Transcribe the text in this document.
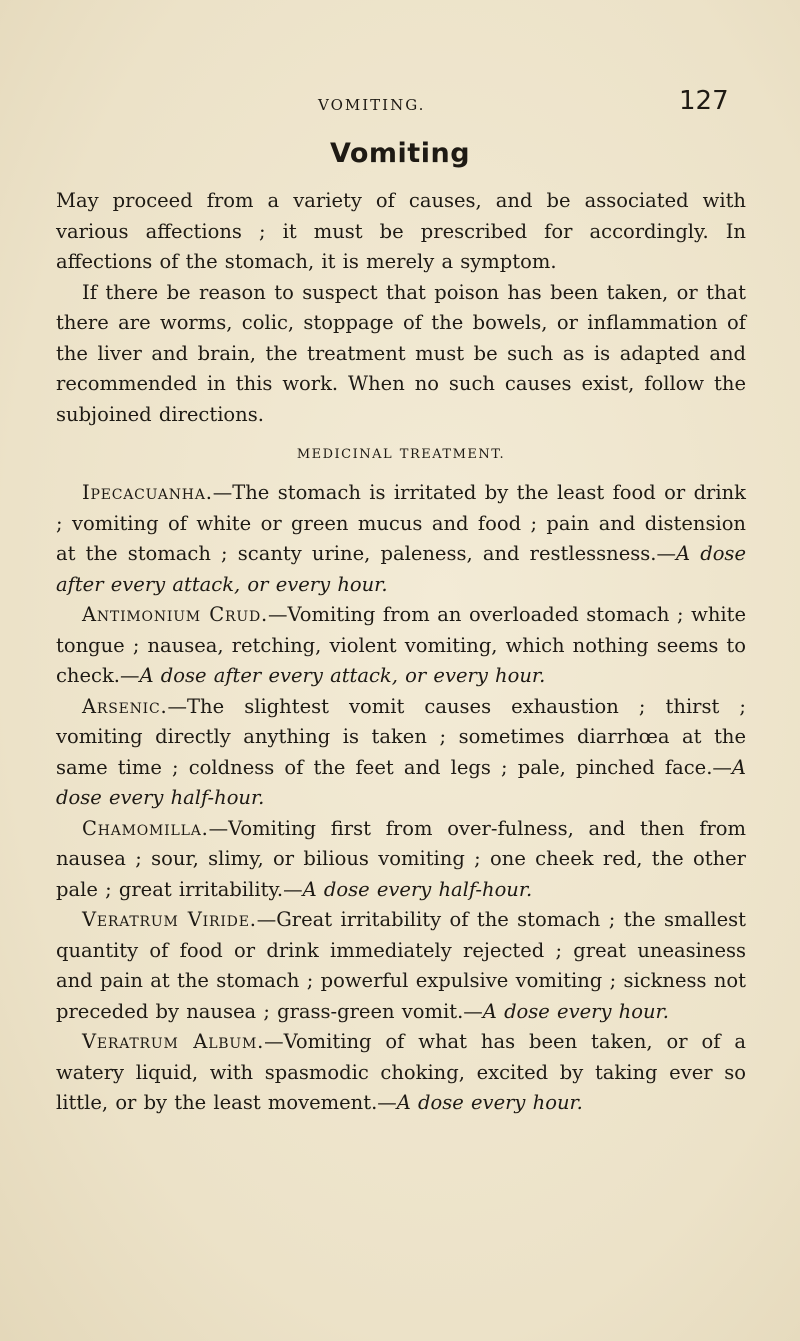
VOMITING.	127
Vomiting

May proceed from a variety of causes, and be associated with various affections ; it must be prescribed for accordingly. In affections of the stomach, it is merely a symptom.

If there be reason to suspect that poison has been taken, or that there are worms, colic, stoppage of the bowels, or inflammation of the liver and brain, the treatment must be such as is adapted and recommended in this work. When no such causes exist, follow the subjoined directions.

MEDICINAL TREATMENT.

Ipecacuanha.—The stomach is irritated by the least food or drink ; vomiting of white or green mucus and food ; pain and distension at the stomach ; scanty urine, paleness, and restlessness.—A dose after every attack, or every hour.

Antimonium Crud.—Vomiting from an overloaded stomach ; white tongue ; nausea, retching, violent vomiting, which nothing seems to check.—A dose after every attack, or every hour.

Arsenic.—The slightest vomit causes exhaustion ; thirst ; vomiting directly anything is taken ; sometimes diarrhœa at the same time ; coldness of the feet and legs ; pale, pinched face.—A dose every half-hour.

Chamomilla.—Vomiting first from over-fulness, and then from nausea ; sour, slimy, or bilious vomiting ; one cheek red, the other pale ; great irritability.—A dose every half-hour.

Veratrum Viride.—Great irritability of the stomach ; the smallest quantity of food or drink immediately rejected ; great uneasiness and pain at the stomach ; powerful expulsive vomiting ; sickness not preceded by nausea ; grass-green vomit.—A dose every hour.

Veratrum Album.—Vomiting of what has been taken, or of a watery liquid, with spasmodic choking, excited by taking ever so little, or by the least movement.—A dose every hour.
